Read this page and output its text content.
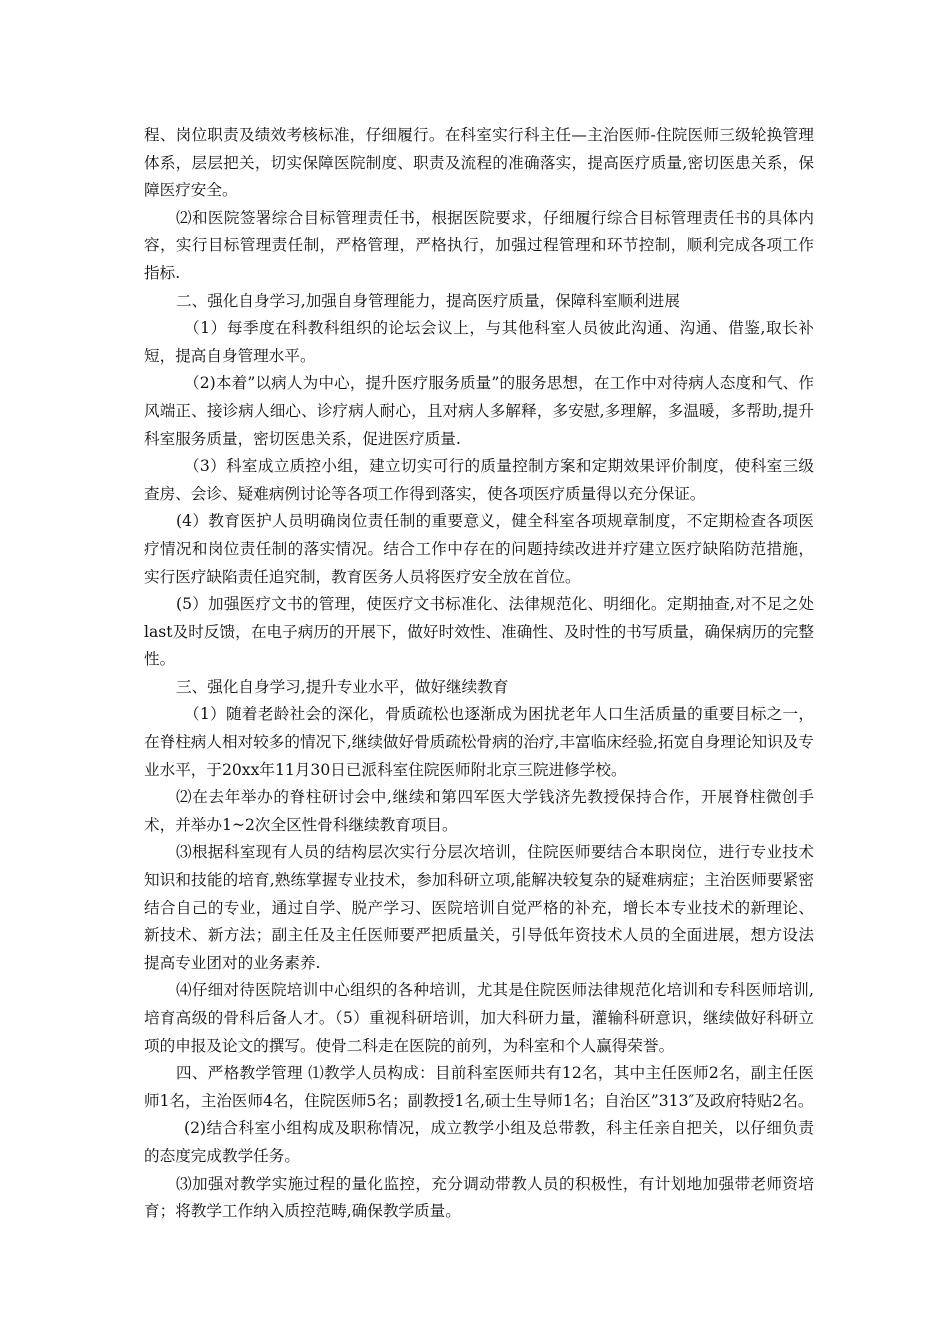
程、岗位职责及绩效考核标准，仔细履行。在科室实行科主任—主治医师-住院医师三级轮换管理体系，层层把关，切实保障医院制度、职责及流程的准确落实，提高医疗质量,密切医患关系，保障医疗安全。

⑵和医院签署综合目标管理责任书，根据医院要求，仔细履行综合目标管理责任书的具体内容，实行目标管理责任制，严格管理，严格执行，加强过程管理和环节控制，顺利完成各项工作指标.

二、强化自身学习,加强自身管理能力，提高医疗质量，保障科室顺利进展

（1）每季度在科教科组织的论坛会议上，与其他科室人员彼此沟通、沟通、借鉴,取长补短，提高自身管理水平。

（2)本着”以病人为中心，提升医疗服务质量”的服务思想，在工作中对待病人态度和气、作风端正、接诊病人细心、诊疗病人耐心，且对病人多解释，多安慰,多理解，多温暖，多帮助,提升科室服务质量，密切医患关系，促进医疗质量.

（3）科室成立质控小组，建立切实可行的质量控制方案和定期效果评价制度，使科室三级查房、会诊、疑难病例讨论等各项工作得到落实，使各项医疗质量得以充分保证。

(4）教育医护人员明确岗位责任制的重要意义，健全科室各项规章制度，不定期检查各项医疗情况和岗位责任制的落实情况。结合工作中存在的问题持续改进并疗建立医疗缺陷防范措施，实行医疗缺陷责任追究制，教育医务人员将医疗安全放在首位。

(5）加强医疗文书的管理，使医疗文书标准化、法律规范化、明细化。定期抽查,对不足之处last及时反馈，在电子病历的开展下，做好时效性、准确性、及时性的书写质量，确保病历的完整性。

三、强化自身学习,提升专业水平，做好继续教育

（1）随着老龄社会的深化，骨质疏松也逐渐成为困扰老年人口生活质量的重要目标之一，在脊柱病人相对较多的情况下,继续做好骨质疏松骨病的治疗,丰富临床经验,拓宽自身理论知识及专业水平，于20xx年11月30日已派科室住院医师附北京三院进修学校。

⑵在去年举办的脊柱研讨会中,继续和第四军医大学钱济先教授保持合作，开展脊柱微创手术，并举办1~2次全区性骨科继续教育项目。

⑶根据科室现有人员的结构层次实行分层次培训，住院医师要结合本职岗位，进行专业技术知识和技能的培育,熟练掌握专业技术，参加科研立项,能解决较复杂的疑难病症；主治医师要紧密结合自己的专业，通过自学、脱产学习、医院培训自觉严格的补充，增长本专业技术的新理论、新技术、新方法；副主任及主任医师要严把质量关，引导低年资技术人员的全面进展，想方设法提高专业团对的业务素养.

⑷仔细对待医院培训中心组织的各种培训，尤其是住院医师法律规范化培训和专科医师培训,培育高级的骨科后备人才。（5）重视科研培训，加大科研力量，灌输科研意识，继续做好科研立项的申报及论文的撰写。使骨二科走在医院的前列，为科室和个人赢得荣誉。

四、严格教学管理 ⑴教学人员构成：目前科室医师共有12名，其中主任医师2名，副主任医师1名，主治医师4名，住院医师5名；副教授1名,硕士生导师1名；自治区”313″及政府特贴2名。

(2)结合科室小组构成及职称情况，成立教学小组及总带教，科主任亲自把关，以仔细负责的态度完成教学任务。

⑶加强对教学实施过程的量化监控，充分调动带教人员的积极性，有计划地加强带老师资培育；将教学工作纳入质控范畴,确保教学质量。
